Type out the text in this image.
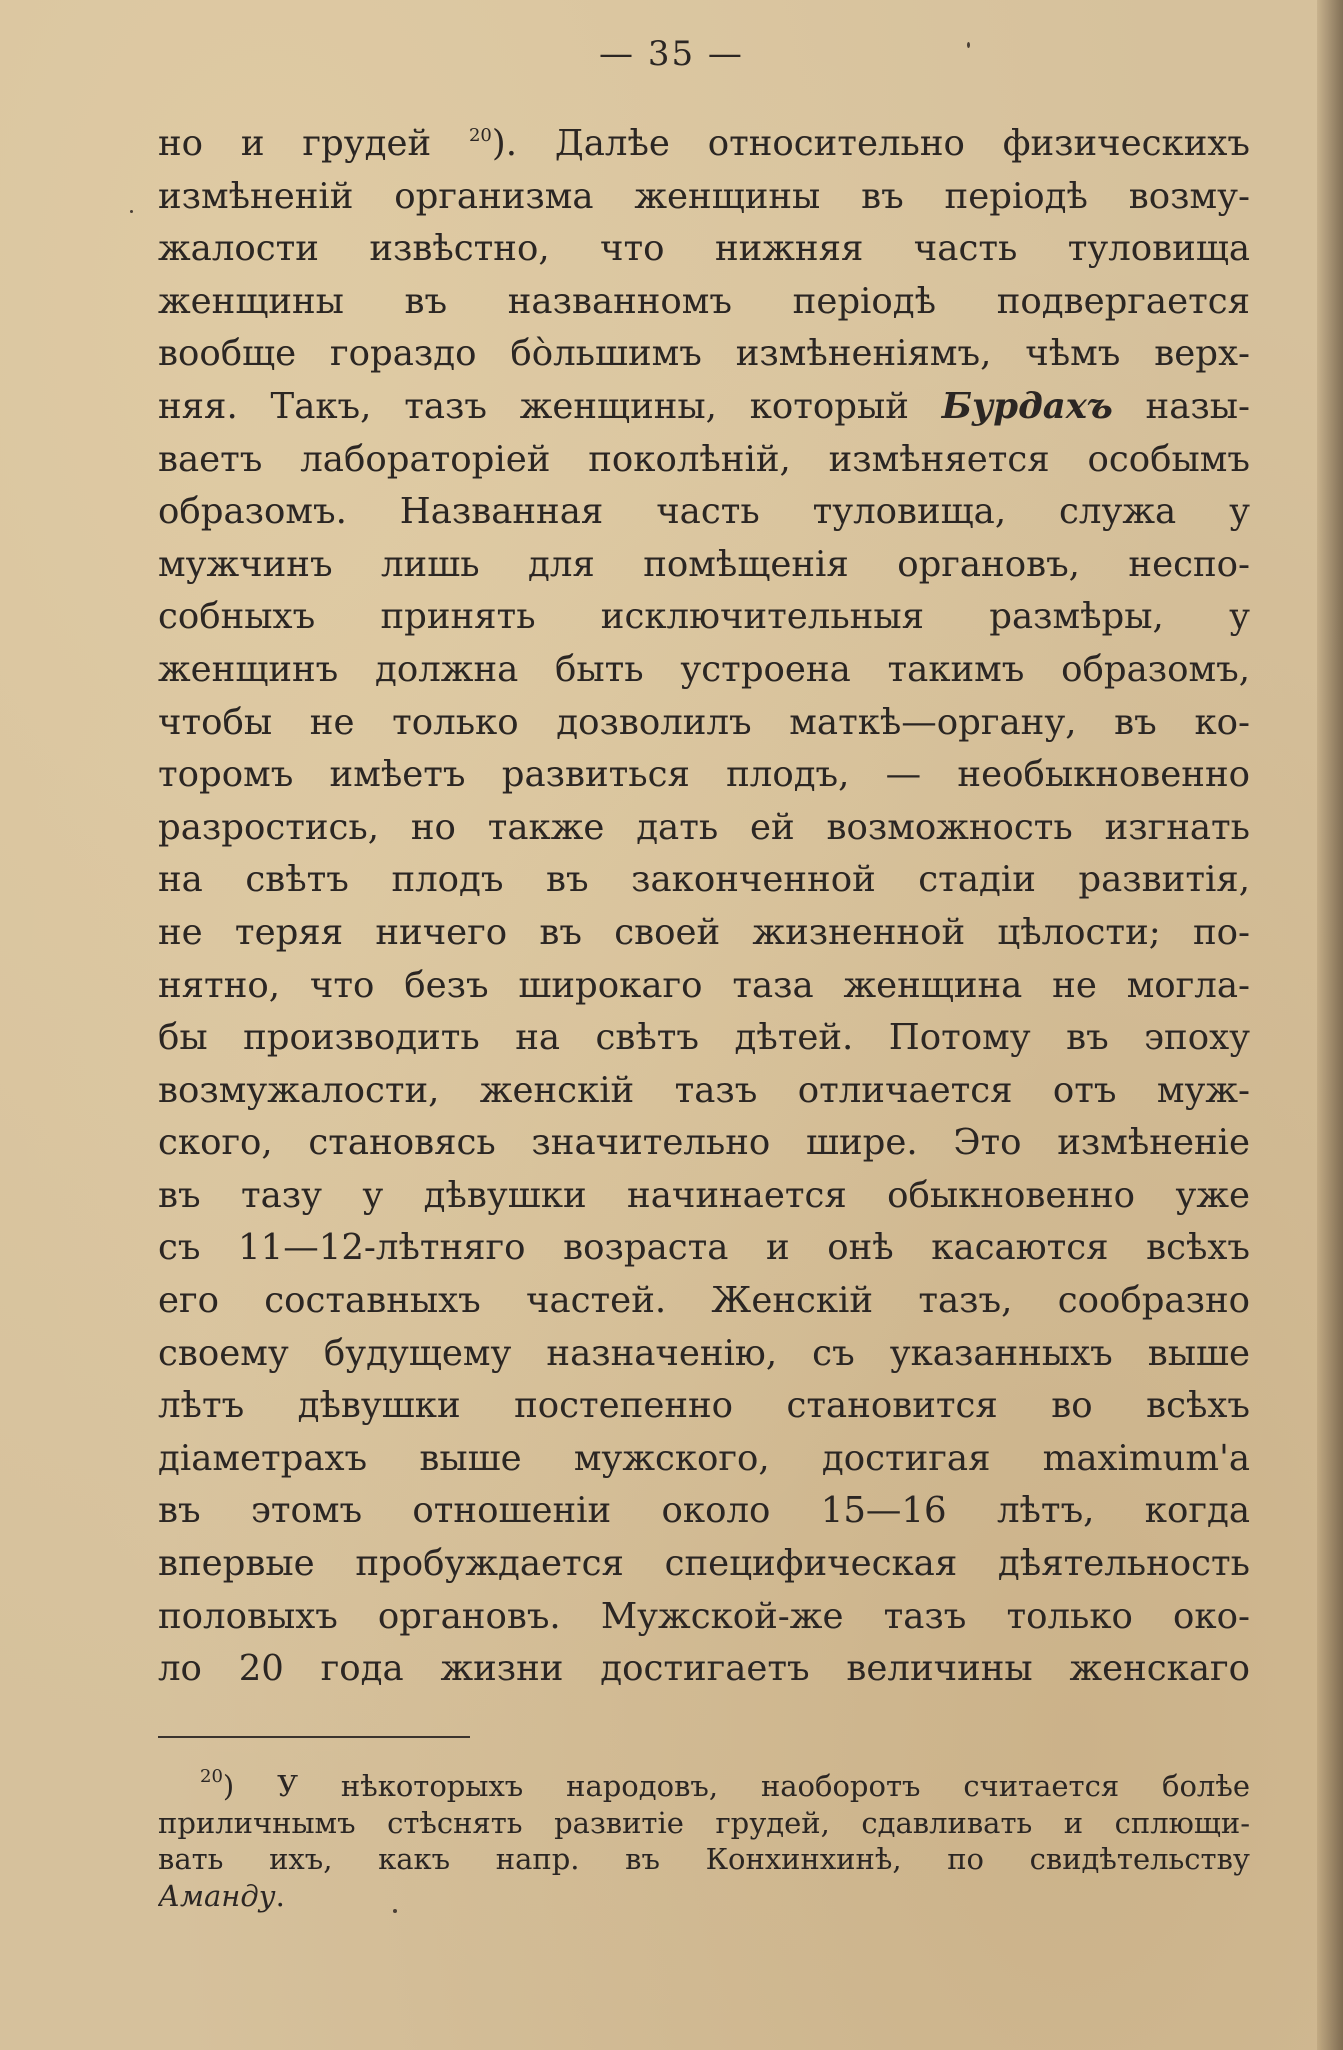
— 35 —
но и грудей $^{20}$). Далѣе относительно физическихъ
измѣненій организма женщины въ періодѣ возму-
жалости извѣстно, что нижняя часть туловища
женщины въ названномъ періодѣ подвергается
вообще гораздо бо̀льшимъ измѣненіямъ, чѣмъ верх-
няя. Такъ, тазъ женщины, который Бурдахъ назы-
ваетъ лабораторіей поколѣній, измѣняется особымъ
образомъ. Названная часть туловища, служа у
мужчинъ лишь для помѣщенія органовъ, неспо-
собныхъ принять исключительныя размѣры, у
женщинъ должна быть устроена такимъ образомъ,
чтобы не только дозволилъ маткѣ—органу, въ ко-
торомъ имѣетъ развиться плодъ, — необыкновенно
разростись, но также дать ей возможность изгнать
на свѣтъ плодъ въ законченной стадіи развитія,
не теряя ничего въ своей жизненной цѣлости; по-
нятно, что безъ широкаго таза женщина не могла-
бы производить на свѣтъ дѣтей. Потому въ эпоху
возмужалости, женскій тазъ отличается отъ муж-
ского, становясь значительно шире. Это измѣненіе
въ тазу у дѣвушки начинается обыкновенно уже
съ 11—12-лѣтняго возраста и онѣ касаются всѣхъ
его составныхъ частей. Женскій тазъ, сообразно
своему будущему назначенію, съ указанныхъ выше
лѣтъ дѣвушки постепенно становится во всѣхъ
діаметрахъ выше мужского, достигая maximum'а
въ этомъ отношеніи около 15—16 лѣтъ, когда
впервые пробуждается специфическая дѣятельность
половыхъ органовъ. Мужской-же тазъ только око-
ло 20 года жизни достигаетъ величины женскаго
$^{20}$) У нѣкоторыхъ народовъ, наоборотъ считается болѣе
приличнымъ стѣснять развитіе грудей, сдавливать и сплющи-
вать ихъ, какъ напр. въ Конхинхинѣ, по свидѣтельству
Аманду.
